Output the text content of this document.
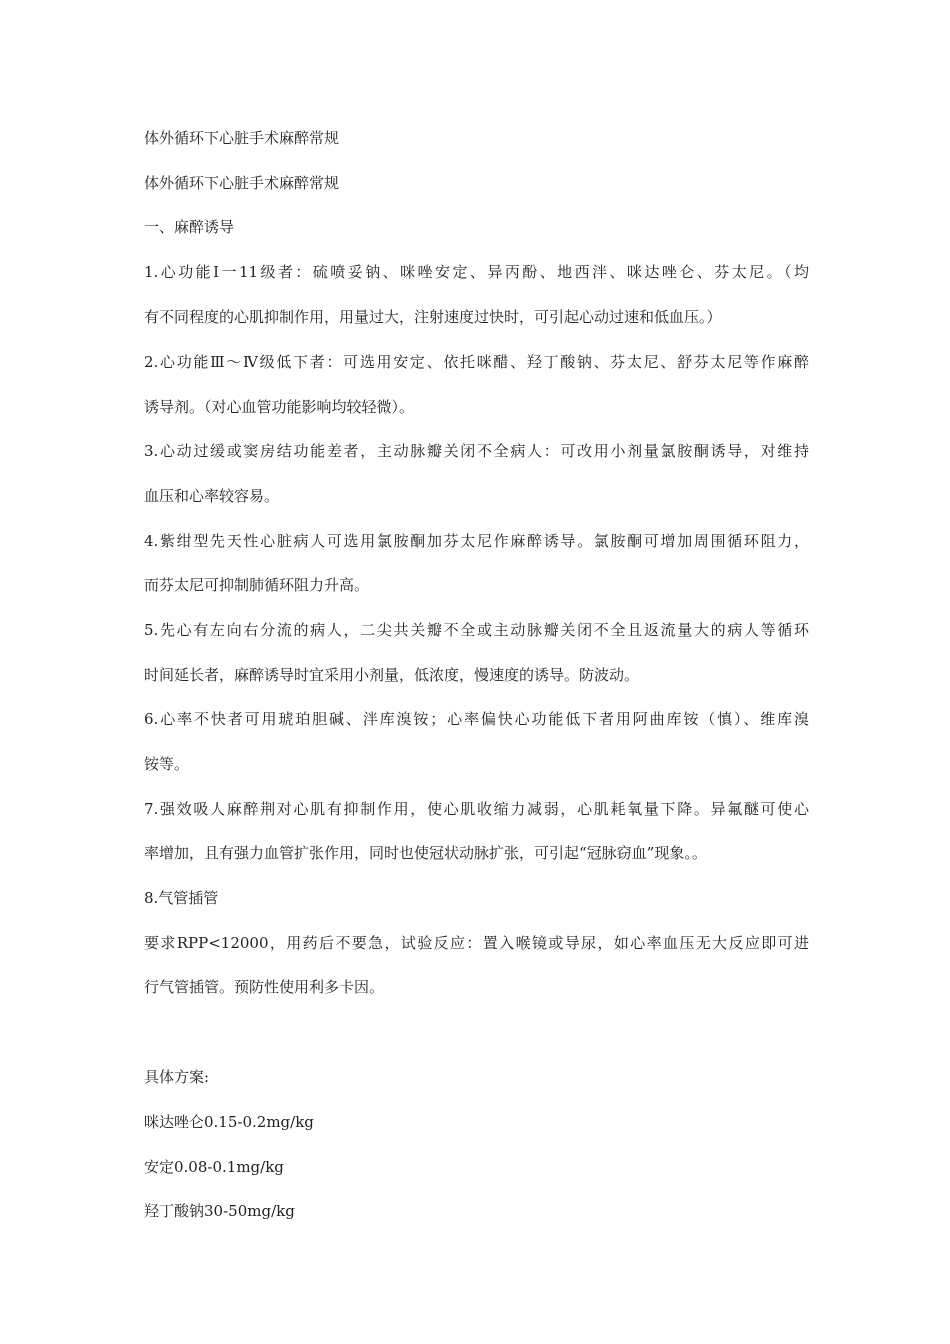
体外循环下心脏手术麻醉常规

体外循环下心脏手术麻醉常规

一、麻醉诱导

1.心功能Ⅰ一11级者：硫喷妥钠、咪唑安定、异丙酚、地西泮、咪达唑仑、芬太尼。（均

有不同程度的心肌抑制作用，用量过大，注射速度过快时，可引起心动过速和低血压。）

2.心功能Ⅲ～Ⅳ级低下者：可选用安定、依托咪醋、羟丁酸钠、芬太尼、舒芬太尼等作麻醉

诱导剂。（对心血管功能影响均较轻微）。

3.心动过缓或窦房结功能差者，主动脉瓣关闭不全病人：可改用小剂量氯胺酮诱导，对维持

血压和心率较容易。

4.紫绀型先天性心脏病人可选用氯胺酮加芬太尼作麻醉诱导。氯胺酮可增加周围循环阻力，

而芬太尼可抑制肺循环阻力升高。

5.先心有左向右分流的病人，二尖共关瓣不全或主动脉瓣关闭不全且返流量大的病人等循环

时间延长者，麻醉诱导时宜采用小剂量，低浓度，慢速度的诱导。防波动。

6.心率不快者可用琥珀胆碱、泮库溴铵；心率偏快心功能低下者用阿曲库铵（慎）、维库溴

铵等。

7.强效吸人麻醉荆对心肌有抑制作用，使心肌收缩力减弱，心肌耗氧量下降。异氟醚可使心

率增加，且有强力血管扩张作用，同时也使冠状动脉扩张，可引起“冠脉窃血”现象。。

8.气管插管

要求RPP<12000，用药后不要急，试验反应：置入喉镜或导尿，如心率血压无大反应即可进

行气管插管。预防性使用利多卡因。

具体方案:

咪达唑仑0.15-0.2mg/kg

安定0.08-0.1mg/kg

羟丁酸钠30-50mg/kg
